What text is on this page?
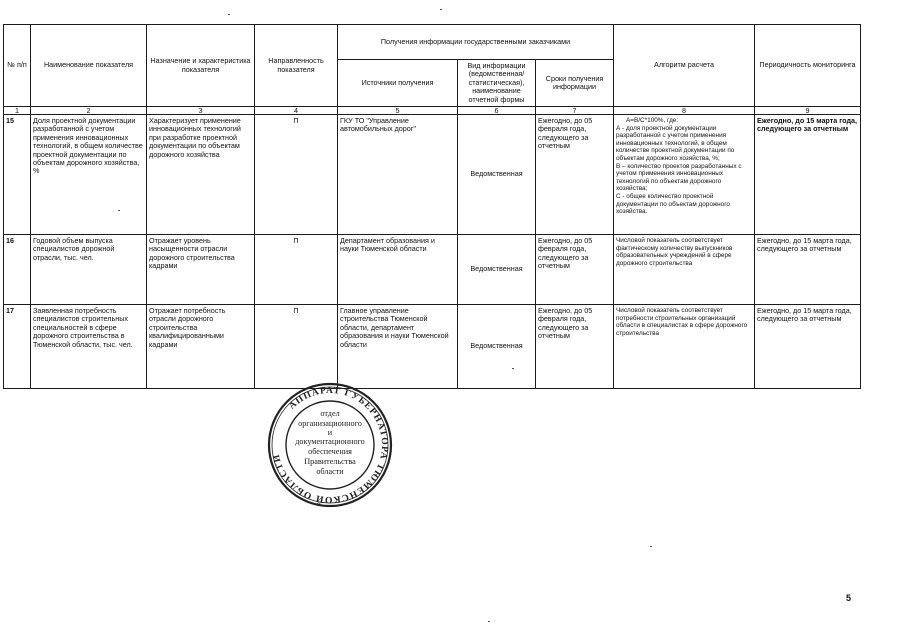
№ п/п	Наименование показателя	Назначение и характеристика показателя	Направленность показателя	Получения информации государственными заказчиками			Алгоритм расчета	Периодичность мониторинга
				Источники получения	Вид информации (ведомственная/ статистическая), наименование отчетной формы	Сроки получения информации		
1	2	3	4	5	6	7	8	9
15	Доля проектной документации разработанной с учетом применения инновационных технологий, в общем количестве проектной документации по объектам дорожного хозяйства, %	Характеризует применение инновационных технологий при разработке проектной документации по объектам дорожного хозяйства	П	ГКУ ТО "Управление автомобильных дорог"	Ведомственная	Ежегодно, до 05 февраля года, следующего за отчетным	А=В/С*100%, где:

А - доля проектной документации разработанной с учетом применения инновационных технологий, в общем количестве проектной документации по объектам дорожного хозяйства, %;

В – количество проектов разработанных с учетом применения инновационных технологий по объектам дорожного хозяйства;

С - общее количество проектной документации по объектам дорожного хозяйства.	Ежегодно, до 15 марта года, следующего за отчетным
16	Годовой объем выпуска специалистов дорожной отрасли, тыс. чел.	Отражает уровень насыщенности отрасли дорожного строительства кадрами	П	Департамент образования и науки Тюменской области	Ведомственная	Ежегодно, до 05 февраля года, следующего за отчетным	Числовой показатель соответствует фактическому количеству выпускников образовательных учреждений в сфере дорожного строительства	Ежегодно, до 15 марта года, следующего за отчетным
17	Заявленная потребность специалистов строительных специальностей в сфере дорожного строительства в Тюменской области, тыс. чел.	Отражает потребность отрасли дорожного строительства квалифицированными кадрами	П	Главное управление строительства Тюменской области, департамент образования и науки Тюменской области	Ведомственная	Ежегодно, до 05 февраля года, следующего за отчетным	Числовой показатель соответствует потребности строительных организаций области в специалистах в сфере дорожного строительства	Ежегодно, до 15 марта года, следующего за отчетным
АППАРАТ ГУБЕРНАТОРА ТЮМЕНСКОЙ ОБЛАСТИ
отдел
организационного
и
документационного
обеспечения
Правительства
области
5
